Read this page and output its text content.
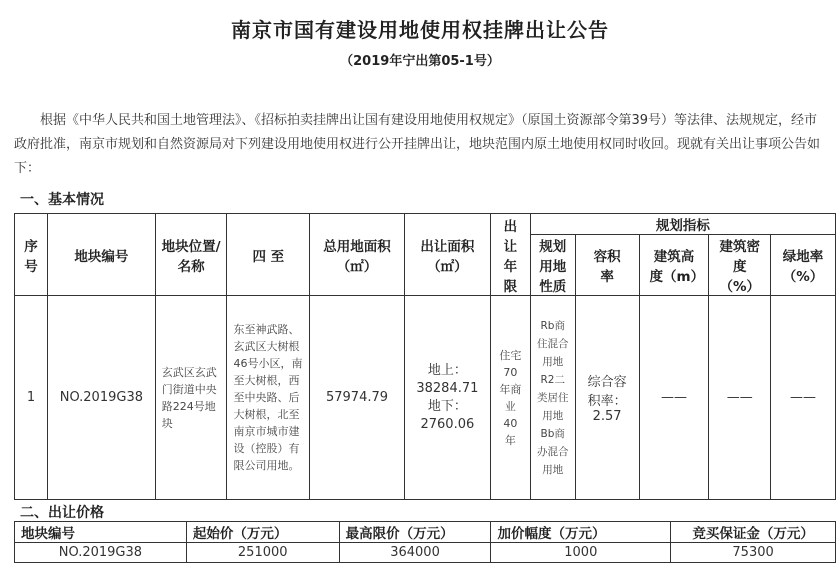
南京市国有建设用地使用权挂牌出让公告
（2019年宁出第05-1号）
根据《中华人民共和国土地管理法》、《招标拍卖挂牌出让国有建设用地使用权规定》（原国土资源部令第39号）等法律、法规规定，经市政府批准，南京市规划和自然资源局对下列建设用地使用权进行公开挂牌出让，地块范围内原土地使用权同时收回。现就有关出让事项公告如下：
一、基本情况
序号	地块编号	地块位置/名称	四 至	总用地面积（㎡）	出让面积（㎡）	出让年限	规划指标				
							规划用地性质	容积率	建筑高度（m）	建筑密度（%）	绿地率（%）
1	NO.2019G38	玄武区玄武门街道中央路224号地块	东至神武路、玄武区大树根46号小区，南至大树根，西至中央路、后大树根，北至南京市城市建设（控股）有限公司用地。	57974.79	地上：38284.71
地下：2760.06	住宅70年商业40年	Rb商住混合用地 R2二类居住用地 Bb商办混合用地	综合容积率：2.57	——	——	——
二、出让价格
地块编号	起始价（万元）	最高限价（万元）	加价幅度（万元）	竞买保证金（万元）
NO.2019G38	251000	364000	1000	75300
